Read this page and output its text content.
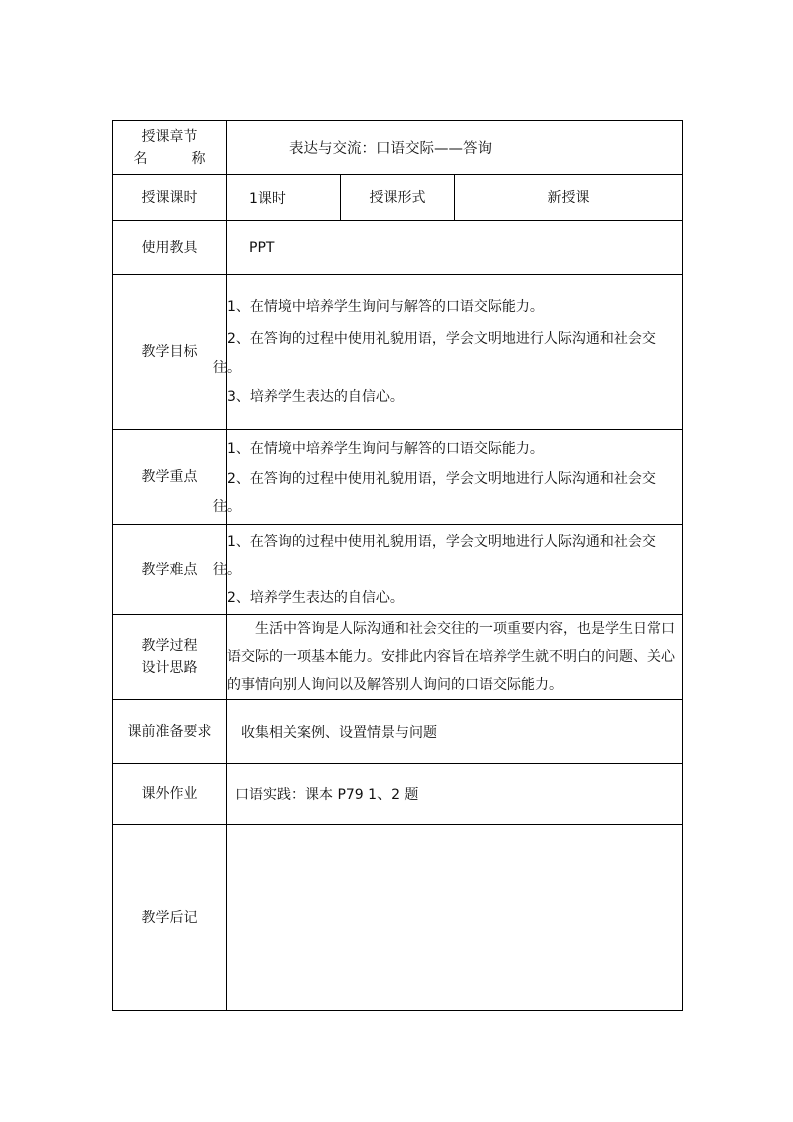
授课章节
名 称	表达与交流：口语交际——答询		

授课课时	1课时	授课形式	新授课
使用教具	PPT		
教学目标	1、在情境中培养学生询问与解答的口语交际能力。

2、在答询的过程中使用礼貌用语，学会文明地进行人际沟通和社会交

往。

3、培养学生表达的自信心。		

教学重点	1、在情境中培养学生询问与解答的口语交际能力。

2、在答询的过程中使用礼貌用语，学会文明地进行人际沟通和社会交

往。		

教学难点	1、在答询的过程中使用礼貌用语，学会文明地进行人际沟通和社会交

往。

2、培养学生表达的自信心。		

教学过程
设计思路	生活中答询是人际沟通和社会交往的一项重要内容，也是学生日常口语交际的一项基本能力。安排此内容旨在培养学生就不明白的问题、关心的事情向别人询问以及解答别人询问的口语交际能力。		
课前准备要求	收集相关案例、设置情景与问题		
课外作业	口语实践：课本 P79 1、2 题		
教学后记			
